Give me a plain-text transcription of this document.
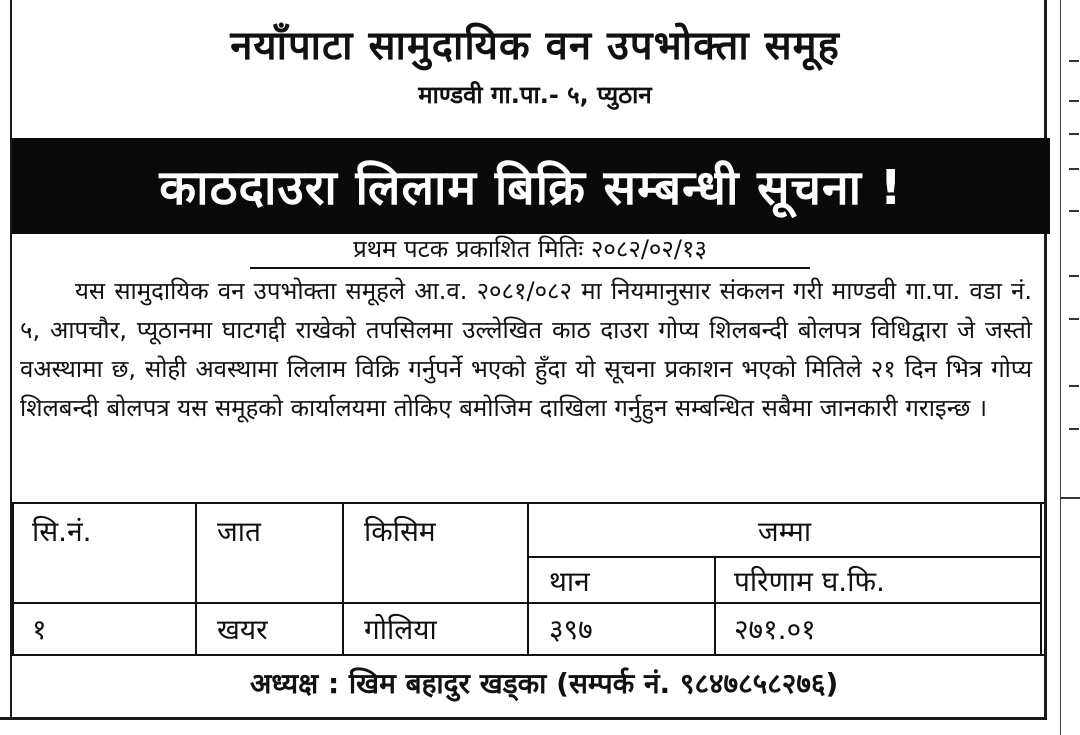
नयाँपाटा सामुदायिक वन उपभोक्ता समूह
माण्डवी गा.पा.- ५, प्युठान
काठदाउरा लिलाम बिक्रि सम्बन्धी सूचना !
प्रथम पटक प्रकाशित मितिः २०८२/०२/१३
यस सामुदायिक वन उपभोक्ता समूहले आ.व. २०८१/०८२ मा नियमानुसार संकलन गरी माण्डवी गा.पा. वडा नं. ५, आपचौर, प्यूठानमा घाटगद्दी राखेको तपसिलमा उल्लेखित काठ दाउरा गोप्य शिलबन्दी बोलपत्र विधिद्वारा जे जस्तो वअस्थामा छ, सोही अवस्थामा लिलाम विक्रि गर्नुपर्ने भएको हुँदा यो सूचना प्रकाशन भएको मितिले २१ दिन भित्र गोप्य शिलबन्दी बोलपत्र यस समूहको कार्यालयमा तोकिए बमोजिम दाखिला गर्नुहुन सम्बन्धित सबैमा जानकारी गराइन्छ ।
सि.नं.	जात	किसिम	जम्मा
थान	परिणाम घ.फि.
१	खयर	गोलिया	३९७	२७१.०१
अध्यक्ष : खिम बहादुर खड्का (सम्पर्क नं. ९८४७८५८२७६)
